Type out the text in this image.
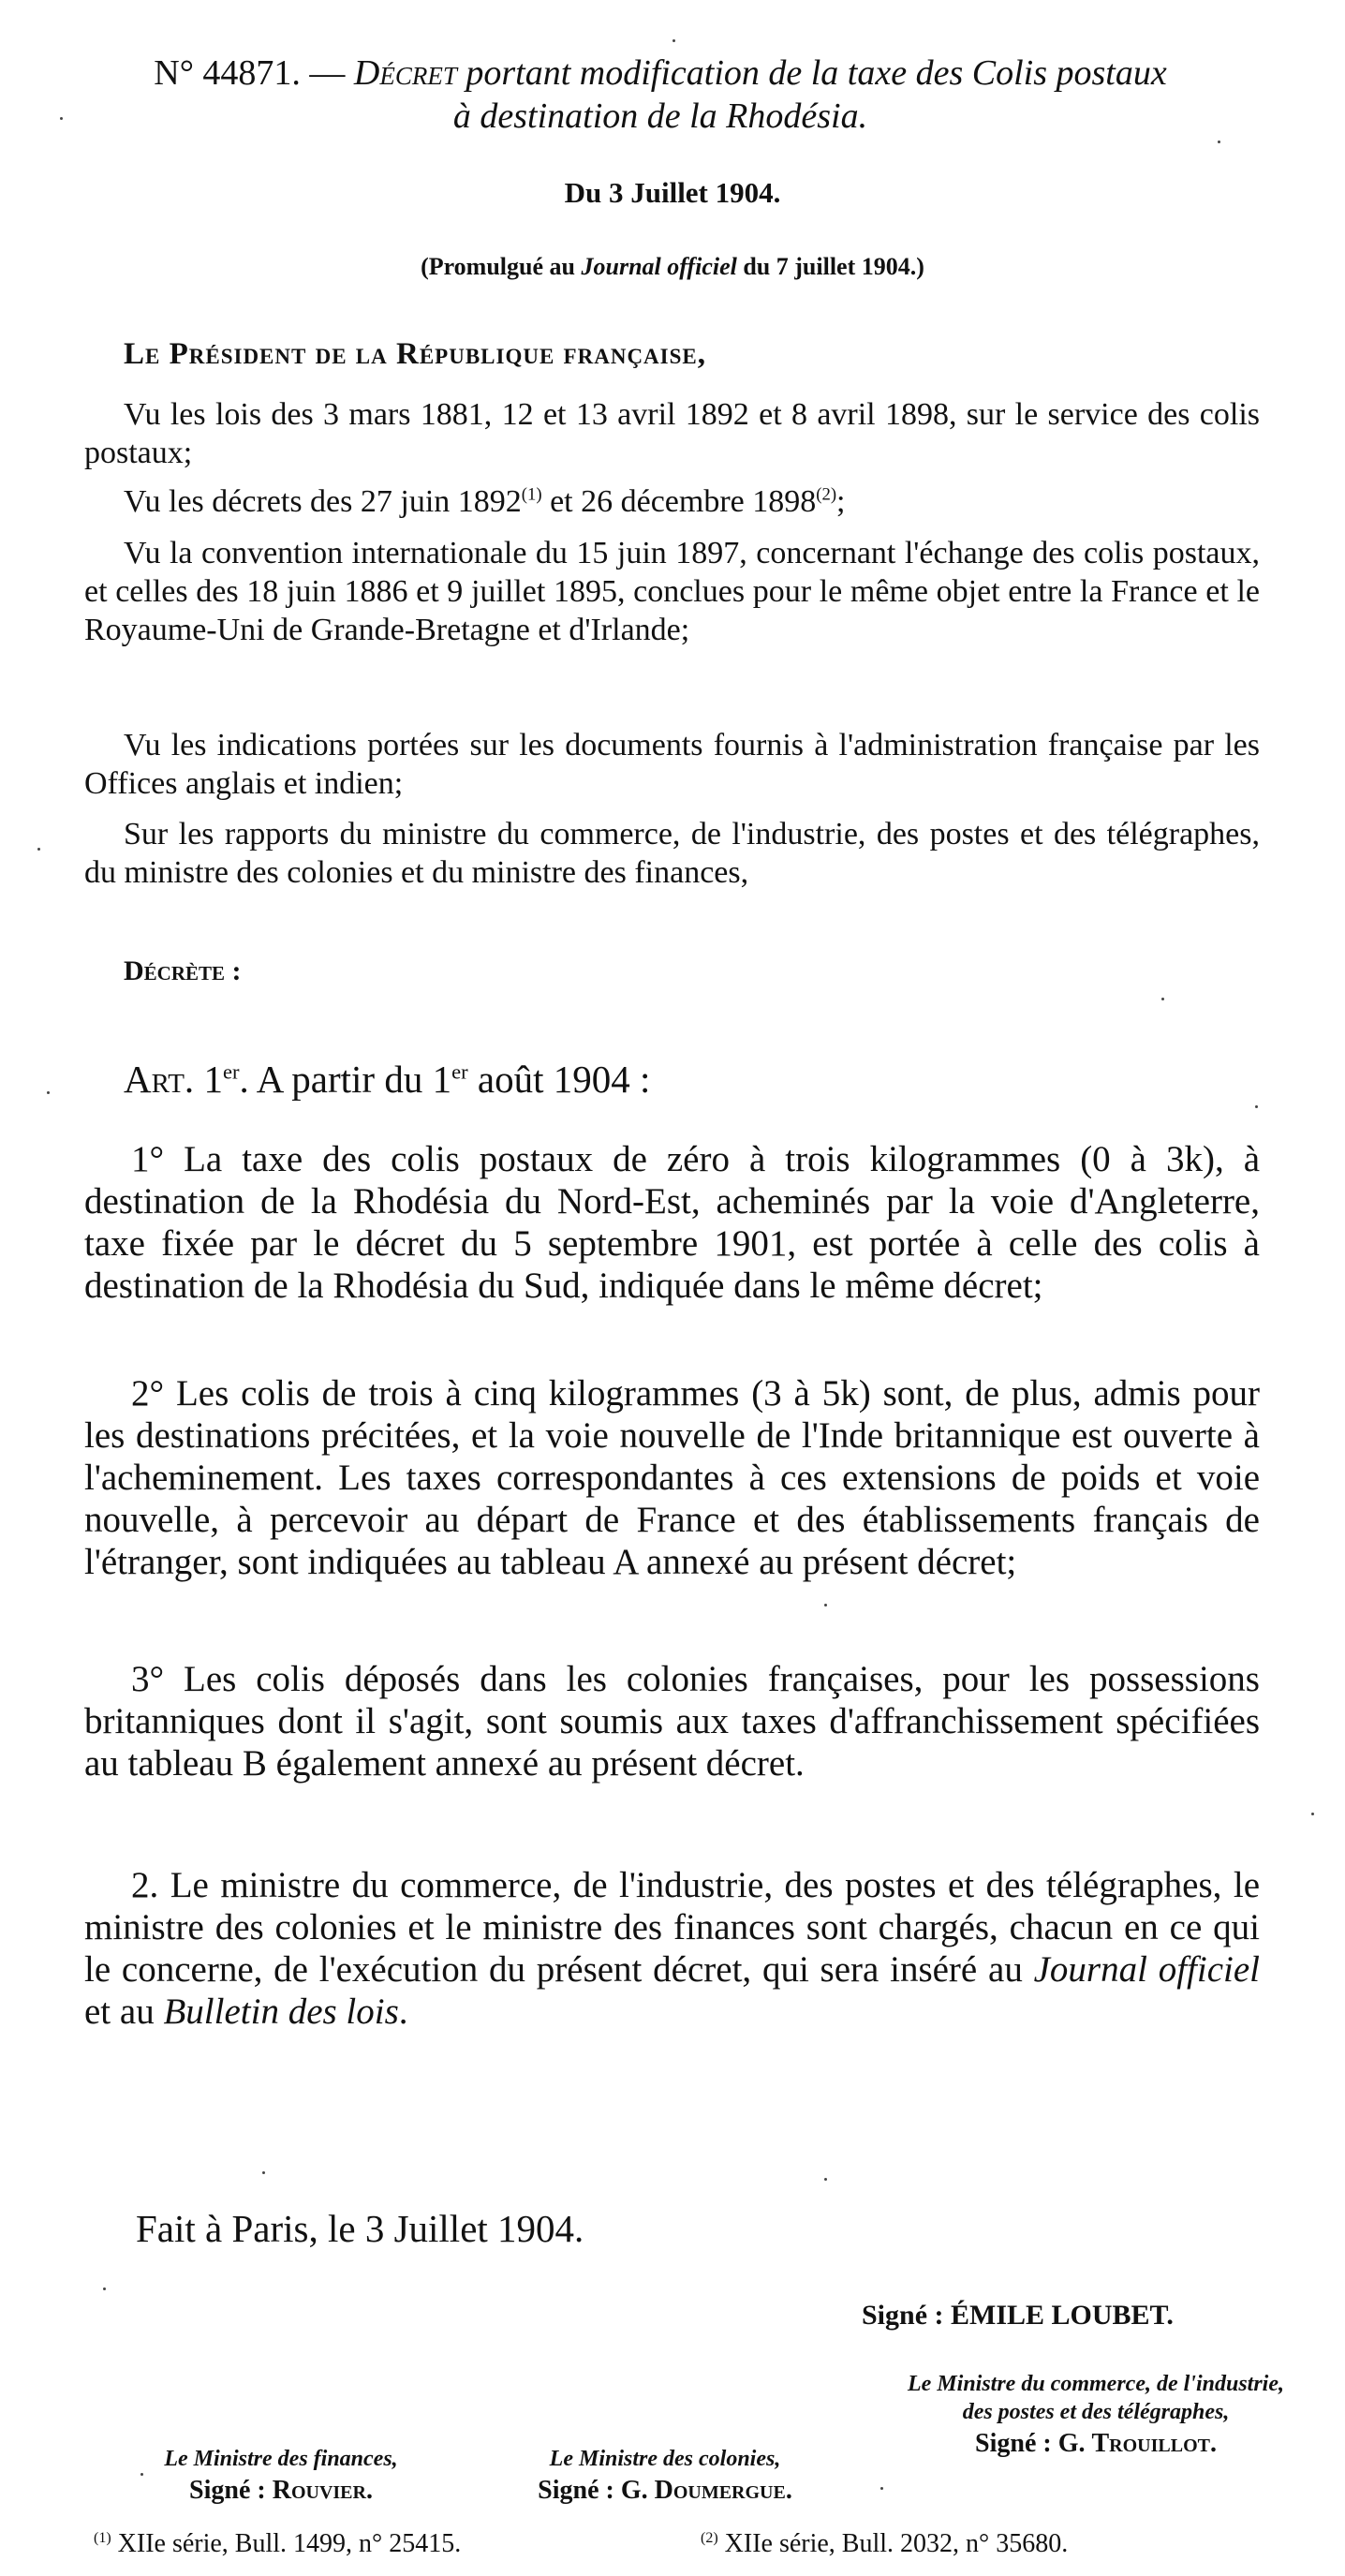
N° 44871. — Décret portant modification de la taxe des Colis postaux
à destination de la Rhodésia.

Du 3 Juillet 1904.

(Promulgué au Journal officiel du 7 juillet 1904.)

Le Président de la République française,

Vu les lois des 3 mars 1881, 12 et 13 avril 1892 et 8 avril 1898, sur le service des colis postaux;

Vu les décrets des 27 juin 1892$^{(1)}$ et 26 décembre 1898$^{(2)}$;

Vu la convention internationale du 15 juin 1897, concernant l'échange des colis postaux, et celles des 18 juin 1886 et 9 juillet 1895, conclues pour le même objet entre la France et le Royaume-Uni de Grande-Bretagne et d'Irlande;

Vu les indications portées sur les documents fournis à l'administration française par les Offices anglais et indien;

Sur les rapports du ministre du commerce, de l'industrie, des postes et des télégraphes, du ministre des colonies et du ministre des finances,

Décrète :

Art. 1er. A partir du 1er août 1904 :

1° La taxe des colis postaux de zéro à trois kilogrammes (0 à 3k), à destination de la Rhodésia du Nord-Est, acheminés par la voie d'Angleterre, taxe fixée par le décret du 5 septembre 1901, est portée à celle des colis à destination de la Rhodésia du Sud, indiquée dans le même décret;

2° Les colis de trois à cinq kilogrammes (3 à 5k) sont, de plus, admis pour les destinations précitées, et la voie nouvelle de l'Inde britannique est ouverte à l'acheminement. Les taxes correspondantes à ces extensions de poids et voie nouvelle, à percevoir au départ de France et des établissements français de l'étranger, sont indiquées au tableau A annexé au présent décret;

3° Les colis déposés dans les colonies françaises, pour les possessions britanniques dont il s'agit, sont soumis aux taxes d'affranchissement spécifiées au tableau B également annexé au présent décret.

2. Le ministre du commerce, de l'industrie, des postes et des télégraphes, le ministre des colonies et le ministre des finances sont chargés, chacun en ce qui le concerne, de l'exécution du présent décret, qui sera inséré au Journal officiel et au Bulletin des lois.

Fait à Paris, le 3 Juillet 1904.

Signé : ÉMILE LOUBET.

Le Ministre des finances,
Signé : Rouvier.
Le Ministre des colonies,
Signé : G. Doumergue.
Le Ministre du commerce, de l'industrie, des postes et des télégraphes,
Signé : G. Trouillot.

$^{(1)}$ XIIe série, Bull. 1499, n° 25415.	$^{(2)}$ XIIe série, Bull. 2032, n° 35680.
